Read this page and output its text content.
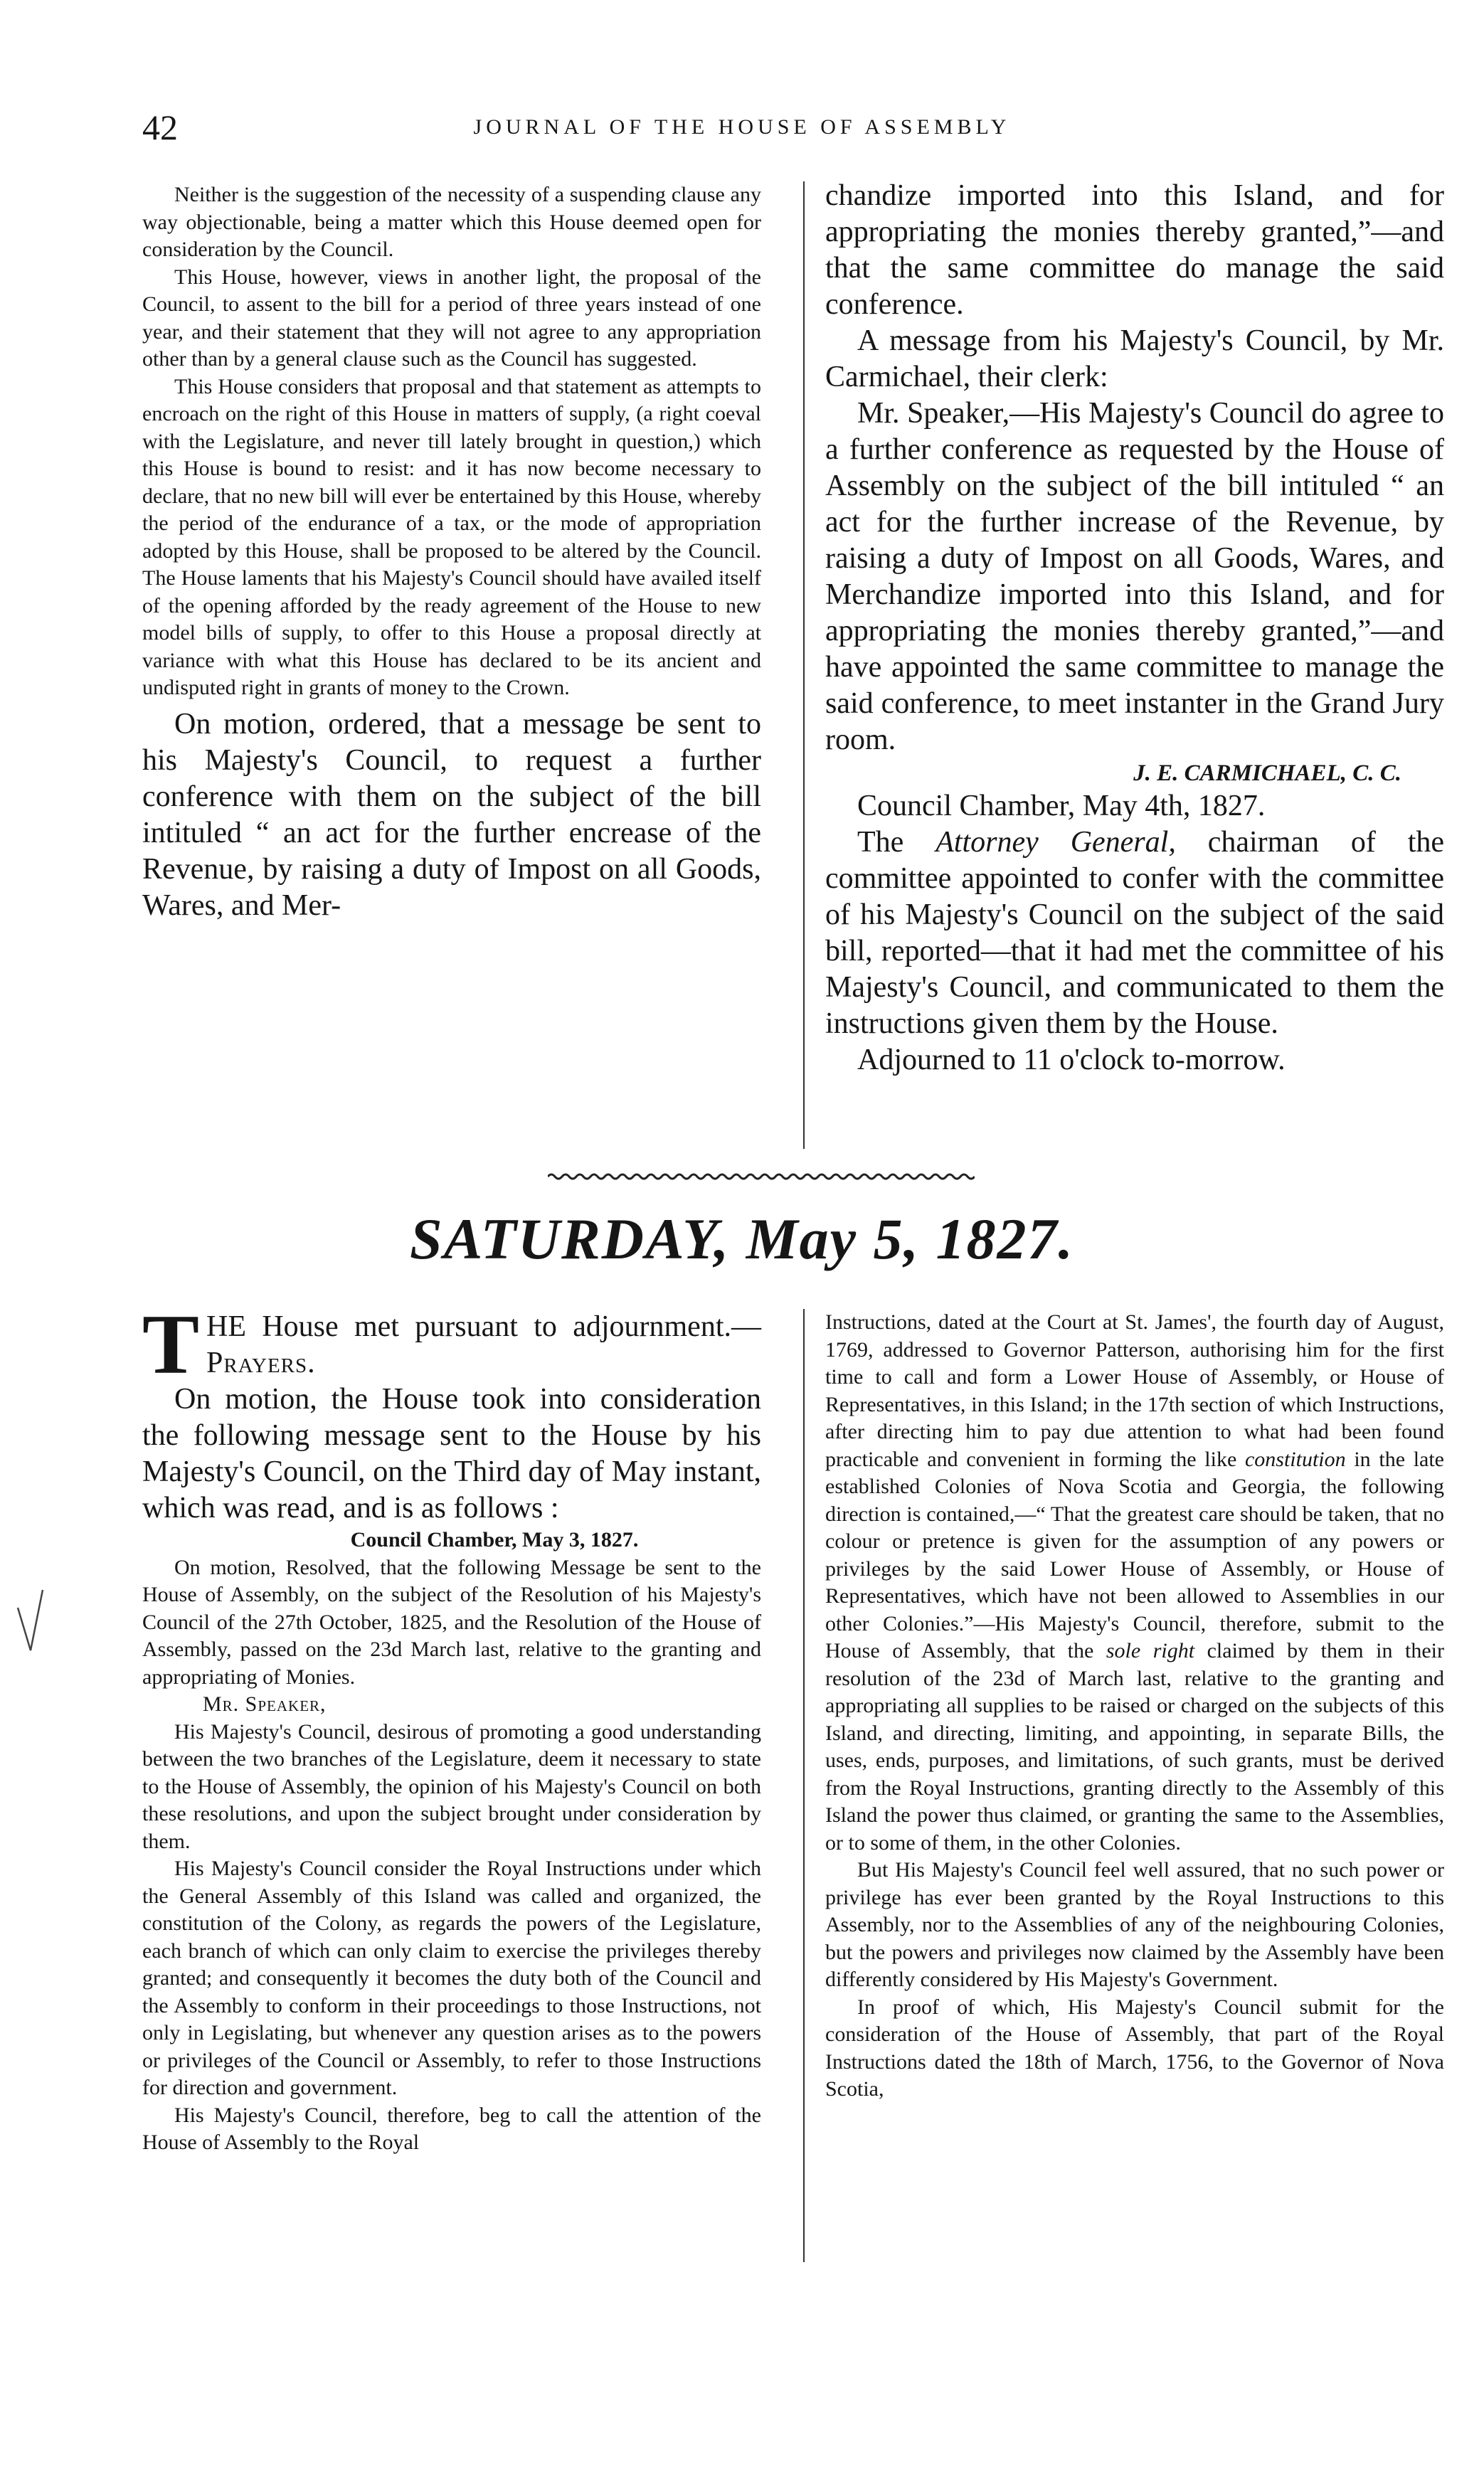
42	JOURNAL OF THE HOUSE OF ASSEMBLY

Neither is the suggestion of the necessity of a suspending clause any way objectionable, being a matter which this House deemed open for consideration by the Council.

This House, however, views in another light, the proposal of the Council, to assent to the bill for a period of three years instead of one year, and their statement that they will not agree to any appropriation other than by a general clause such as the Council has suggested.

This House considers that proposal and that statement as attempts to encroach on the right of this House in matters of supply, (a right coeval with the Legislature, and never till lately brought in question,) which this House is bound to resist: and it has now become necessary to declare, that no new bill will ever be entertained by this House, whereby the period of the endurance of a tax, or the mode of appropriation adopted by this House, shall be proposed to be altered by the Council. The House laments that his Majesty's Council should have availed itself of the opening afforded by the ready agreement of the House to new model bills of supply, to offer to this House a proposal directly at variance with what this House has declared to be its ancient and undisputed right in grants of money to the Crown.

On motion, ordered, that a message be sent to his Majesty's Council, to request a further conference with them on the subject of the bill intituled “ an act for the further encrease of the Revenue, by raising a duty of Impost on all Goods, Wares, and Mer-

chandize imported into this Island, and for appropriating the monies thereby granted,”—and that the same committee do manage the said conference.

A message from his Majesty's Council, by Mr. Carmichael, their clerk:

Mr. Speaker,—His Majesty's Council do agree to a further conference as requested by the House of Assembly on the subject of the bill intituled “ an act for the further increase of the Revenue, by raising a duty of Impost on all Goods, Wares, and Merchandize imported into this Island, and for appropriating the monies thereby granted,”—and have appointed the same committee to manage the said conference, to meet instanter in the Grand Jury room.

J. E. CARMICHAEL, C. C.

Council Chamber, May 4th, 1827.

The Attorney General, chairman of the committee appointed to confer with the committee of his Majesty's Council on the subject of the said bill, reported—that it had met the committee of his Majesty's Council, and communicated to them the instructions given them by the House.

Adjourned to 11 o'clock to-morrow.

SATURDAY, May 5, 1827.

THE House met pursuant to adjournment.—Prayers.

On motion, the House took into consideration the following message sent to the House by his Majesty's Council, on the Third day of May instant, which was read, and is as follows :

Council Chamber, May 3, 1827.

On motion, Resolved, that the following Message be sent to the House of Assembly, on the subject of the Resolution of his Majesty's Council of the 27th October, 1825, and the Resolution of the House of Assembly, passed on the 23d March last, relative to the granting and appropriating of Monies.

Mr. Speaker,

His Majesty's Council, desirous of promoting a good understanding between the two branches of the Legislature, deem it necessary to state to the House of Assembly, the opinion of his Majesty's Council on both these resolutions, and upon the subject brought under consideration by them.

His Majesty's Council consider the Royal Instructions under which the General Assembly of this Island was called and organized, the constitution of the Colony, as regards the powers of the Legislature, each branch of which can only claim to exercise the privileges thereby granted; and consequently it becomes the duty both of the Council and the Assembly to conform in their proceedings to those Instructions, not only in Legislating, but whenever any question arises as to the powers or privileges of the Council or Assembly, to refer to those Instructions for direction and government.

His Majesty's Council, therefore, beg to call the attention of the House of Assembly to the Royal

Instructions, dated at the Court at St. James', the fourth day of August, 1769, addressed to Governor Patterson, authorising him for the first time to call and form a Lower House of Assembly, or House of Representatives, in this Island; in the 17th section of which Instructions, after directing him to pay due attention to what had been found practicable and convenient in forming the like constitution in the late established Colonies of Nova Scotia and Georgia, the following direction is contained,—“ That the greatest care should be taken, that no colour or pretence is given for the assumption of any powers or privileges by the said Lower House of Assembly, or House of Representatives, which have not been allowed to Assemblies in our other Colonies.”—His Majesty's Council, therefore, submit to the House of Assembly, that the sole right claimed by them in their resolution of the 23d of March last, relative to the granting and appropriating all supplies to be raised or charged on the subjects of this Island, and directing, limiting, and appointing, in separate Bills, the uses, ends, purposes, and limitations, of such grants, must be derived from the Royal Instructions, granting directly to the Assembly of this Island the power thus claimed, or granting the same to the Assemblies, or to some of them, in the other Colonies.

But His Majesty's Council feel well assured, that no such power or privilege has ever been granted by the Royal Instructions to this Assembly, nor to the Assemblies of any of the neighbouring Colonies, but the powers and privileges now claimed by the Assembly have been differently considered by His Majesty's Government.

In proof of which, His Majesty's Council submit for the consideration of the House of Assembly, that part of the Royal Instructions dated the 18th of March, 1756, to the Governor of Nova Scotia,
